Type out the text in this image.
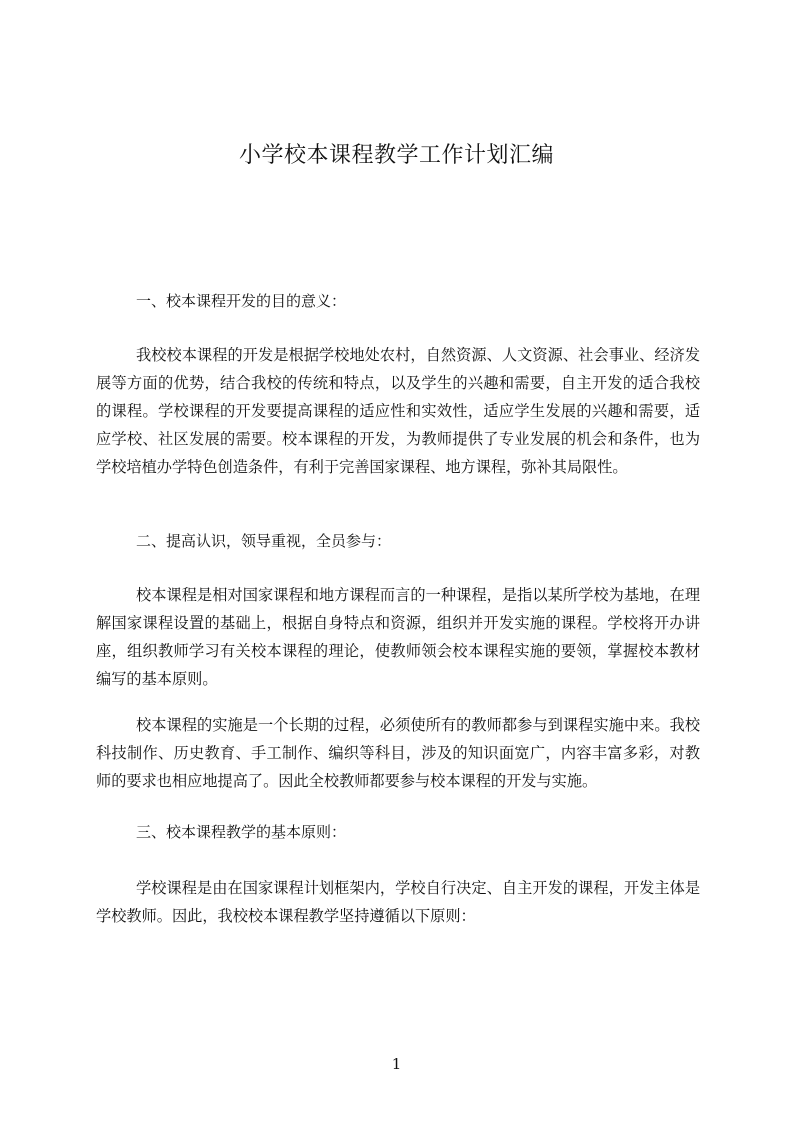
小学校本课程教学工作计划汇编
一、校本课程开发的目的意义：

我校校本课程的开发是根据学校地处农村，自然资源、人文资源、社会事业、经济发展等方面的优势，结合我校的传统和特点，以及学生的兴趣和需要，自主开发的适合我校的课程。学校课程的开发要提高课程的适应性和实效性，适应学生发展的兴趣和需要，适应学校、社区发展的需要。校本课程的开发，为教师提供了专业发展的机会和条件，也为学校培植办学特色创造条件，有利于完善国家课程、地方课程，弥补其局限性。

二、提高认识，领导重视，全员参与：

校本课程是相对国家课程和地方课程而言的一种课程，是指以某所学校为基地，在理解国家课程设置的基础上，根据自身特点和资源，组织并开发实施的课程。学校将开办讲座，组织教师学习有关校本课程的理论，使教师领会校本课程实施的要领，掌握校本教材编写的基本原则。

校本课程的实施是一个长期的过程，必须使所有的教师都参与到课程实施中来。我校科技制作、历史教育、手工制作、编织等科目，涉及的知识面宽广，内容丰富多彩，对教师的要求也相应地提高了。因此全校教师都要参与校本课程的开发与实施。

三、校本课程教学的基本原则：

学校课程是由在国家课程计划框架内，学校自行决定、自主开发的课程，开发主体是学校教师。因此，我校校本课程教学坚持遵循以下原则：

1
